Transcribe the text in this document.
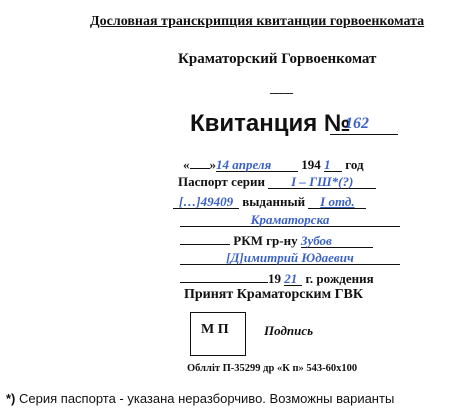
Дословная транскрипция квитанции горвоенкомата
Краматорский Горвоенкомат
____
Квитанция №
162
« »14 апреля 194 1 год
Паспорт серии I – ГШ*(?)
[…]49409 выданный I отд.
Краматорска
РКМ гр-ну Зубов
[Д]имитрий Юдаевич
19 21 г. рождения
Принят Краматорским ГВК
М П	Подпись
Облліт П-35299 др «К п» 543-60х100
*) Серия паспорта - указана неразборчиво. Возможны варианты
